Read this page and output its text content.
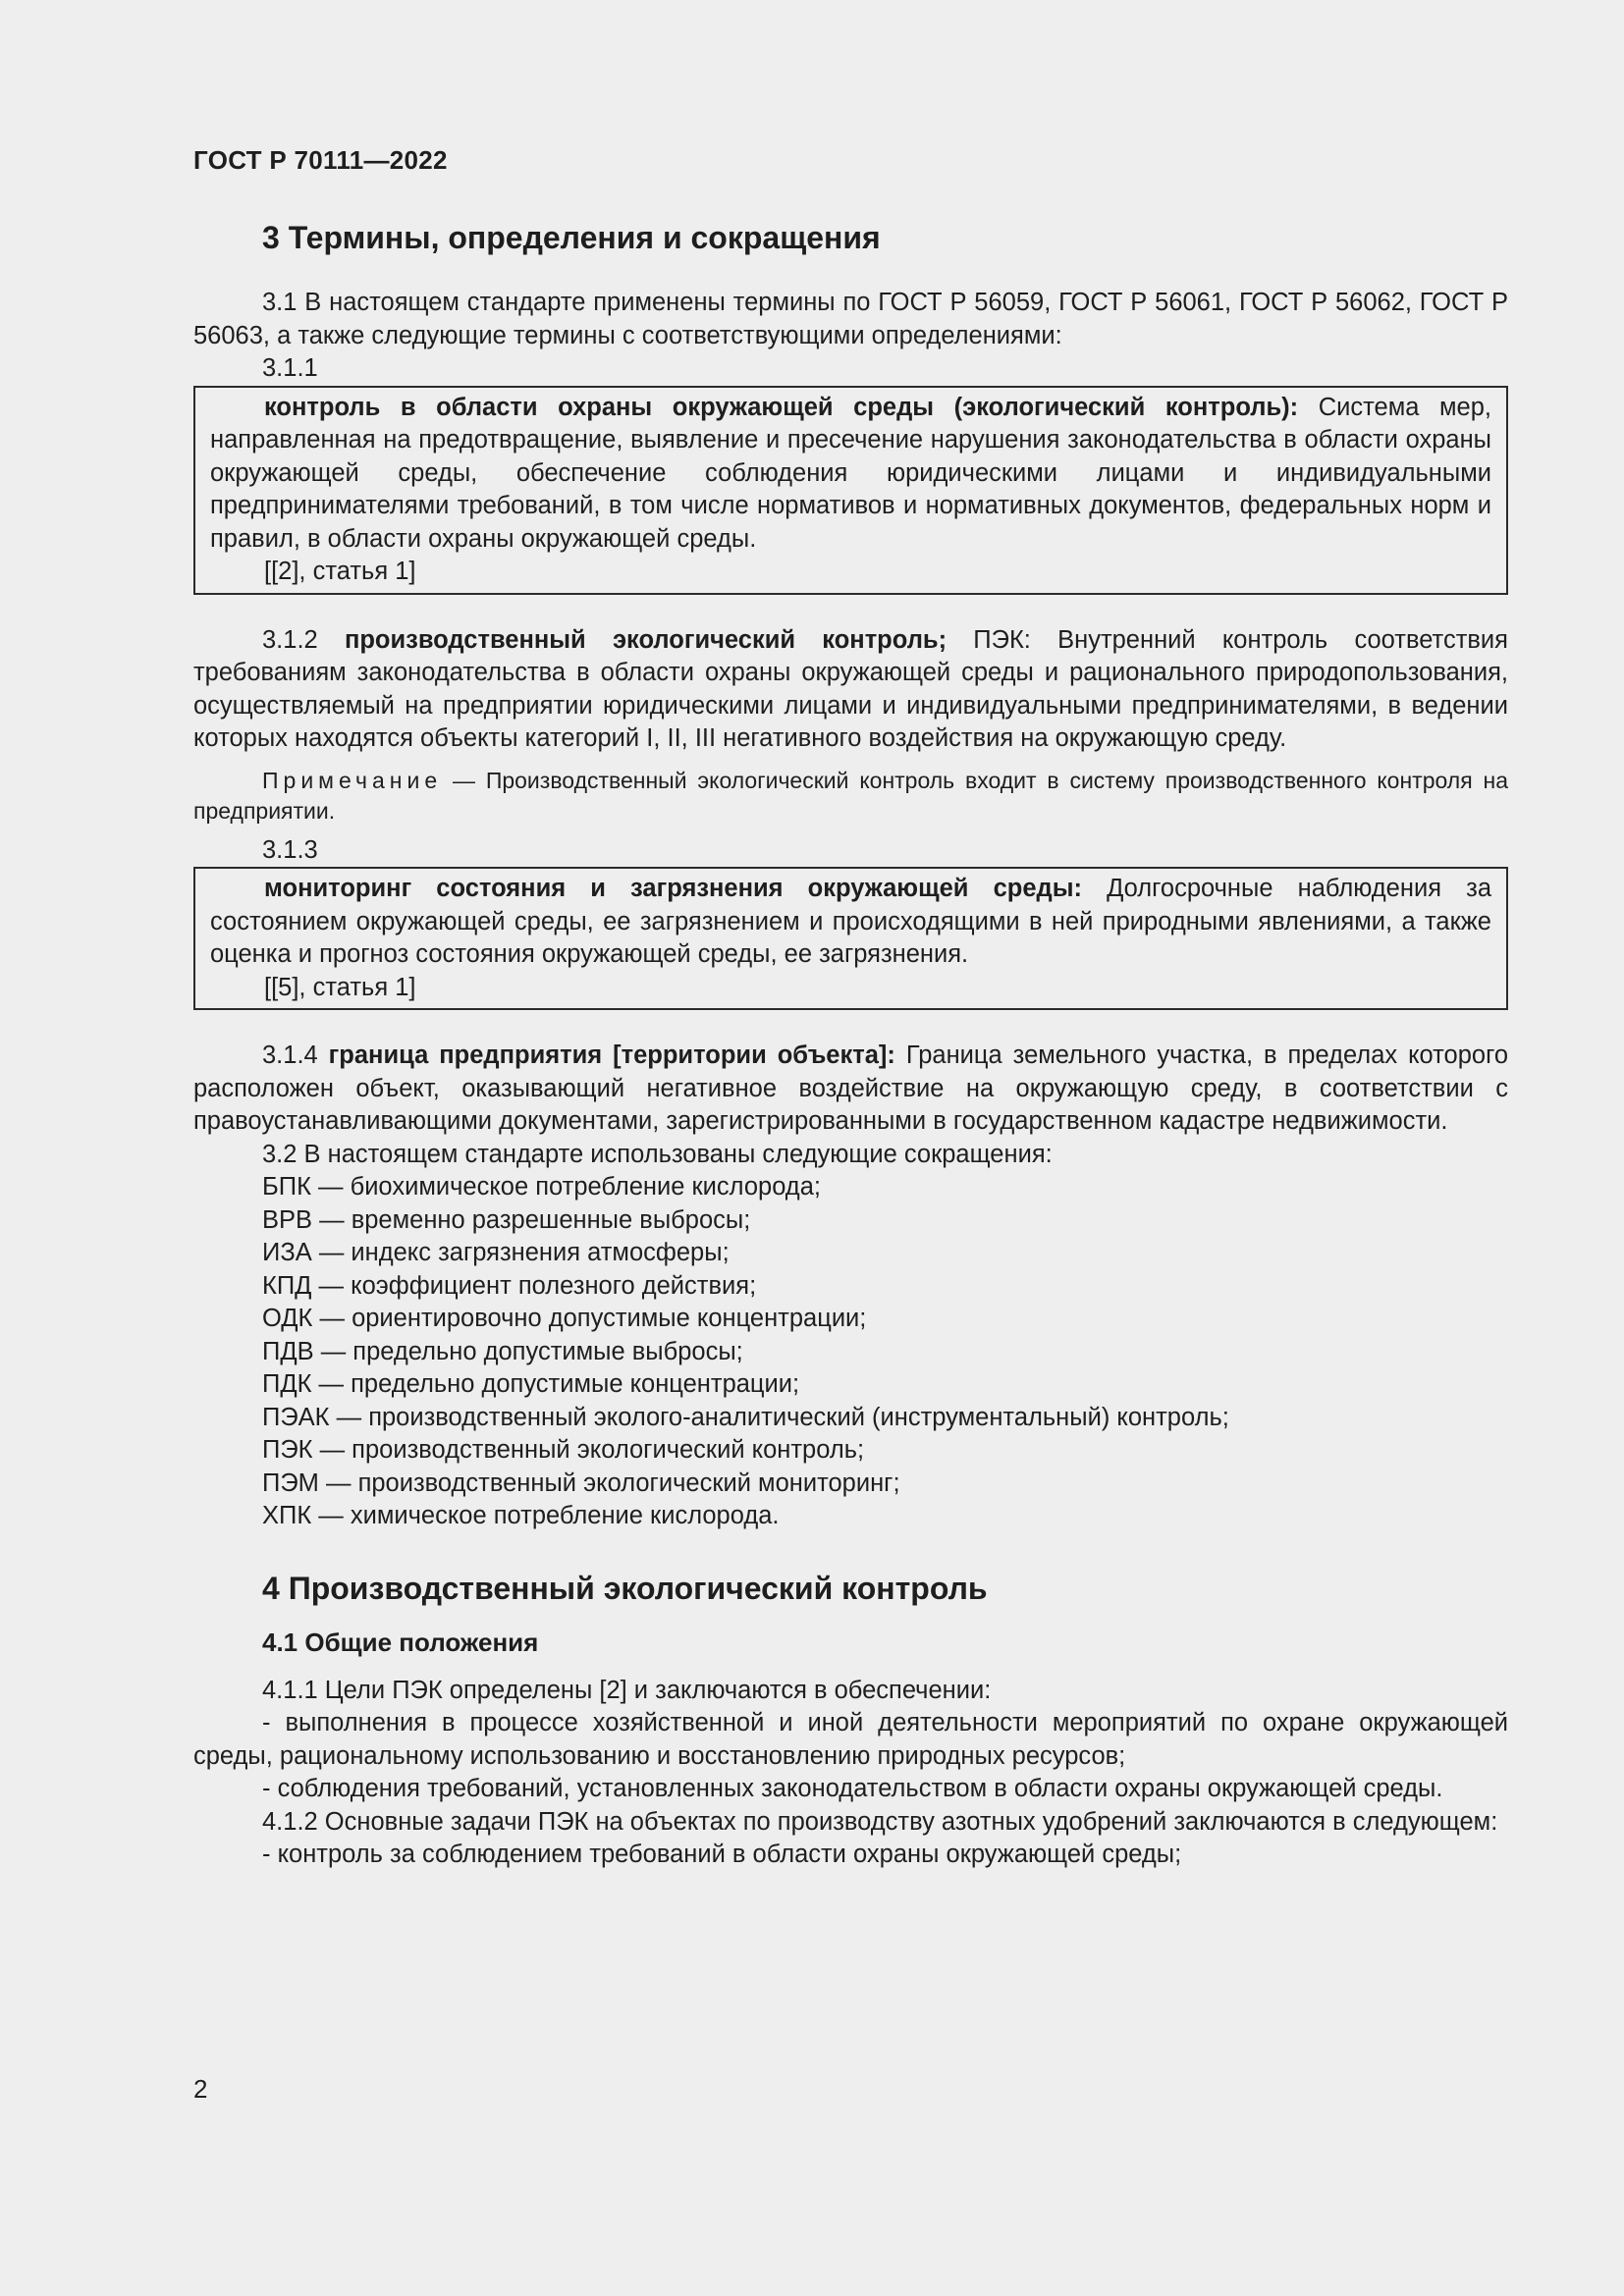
ГОСТ Р 70111—2022
3 Термины, определения и сокращения

3.1 В настоящем стандарте применены термины по ГОСТ Р 56059, ГОСТ Р 56061, ГОСТ Р 56062, ГОСТ Р 56063, а также следующие термины с соответствующими определениями:

3.1.1

контроль в области охраны окружающей среды (экологический контроль): Система мер, направленная на предотвращение, выявление и пресечение нарушения законодательства в области охраны окружающей среды, обеспечение соблюдения юридическими лицами и индивидуальными предпринимателями требований, в том числе нормативов и нормативных документов, федеральных норм и правил, в области охраны окружающей среды.

[[2], статья 1]

3.1.2 производственный экологический контроль; ПЭК: Внутренний контроль соответствия требованиям законодательства в области охраны окружающей среды и рационального природопользования, осуществляемый на предприятии юридическими лицами и индивидуальными предпринимателями, в ведении которых находятся объекты категорий I, II, III негативного воздействия на окружающую среду.

Примечание — Производственный экологический контроль входит в систему производственного контроля на предприятии.
3.1.3

мониторинг состояния и загрязнения окружающей среды: Долгосрочные наблюдения за состоянием окружающей среды, ее загрязнением и происходящими в ней природными явлениями, а также оценка и прогноз состояния окружающей среды, ее загрязнения.

[[5], статья 1]

3.1.4 граница предприятия [территории объекта]: Граница земельного участка, в пределах которого расположен объект, оказывающий негативное воздействие на окружающую среду, в соответствии с правоустанавливающими документами, зарегистрированными в государственном кадастре недвижимости.

3.2 В настоящем стандарте использованы следующие сокращения:
БПК — биохимическое потребление кислорода;
ВРВ — временно разрешенные выбросы;
ИЗА — индекс загрязнения атмосферы;
КПД — коэффициент полезного действия;
ОДК — ориентировочно допустимые концентрации;
ПДВ — предельно допустимые выбросы;
ПДК — предельно допустимые концентрации;
ПЭАК — производственный эколого-аналитический (инструментальный) контроль;
ПЭК — производственный экологический контроль;
ПЭМ — производственный экологический мониторинг;
ХПК — химическое потребление кислорода.
4 Производственный экологический контроль
4.1 Общие положения
4.1.1 Цели ПЭК определены [2] и заключаются в обеспечении:

- выполнения в процессе хозяйственной и иной деятельности мероприятий по охране окружающей среды, рациональному использованию и восстановлению природных ресурсов;

- соблюдения требований, установленных законодательством в области охраны окружающей среды.

4.1.2 Основные задачи ПЭК на объектах по производству азотных удобрений заключаются в следующем:

- контроль за соблюдением требований в области охраны окружающей среды;

2
